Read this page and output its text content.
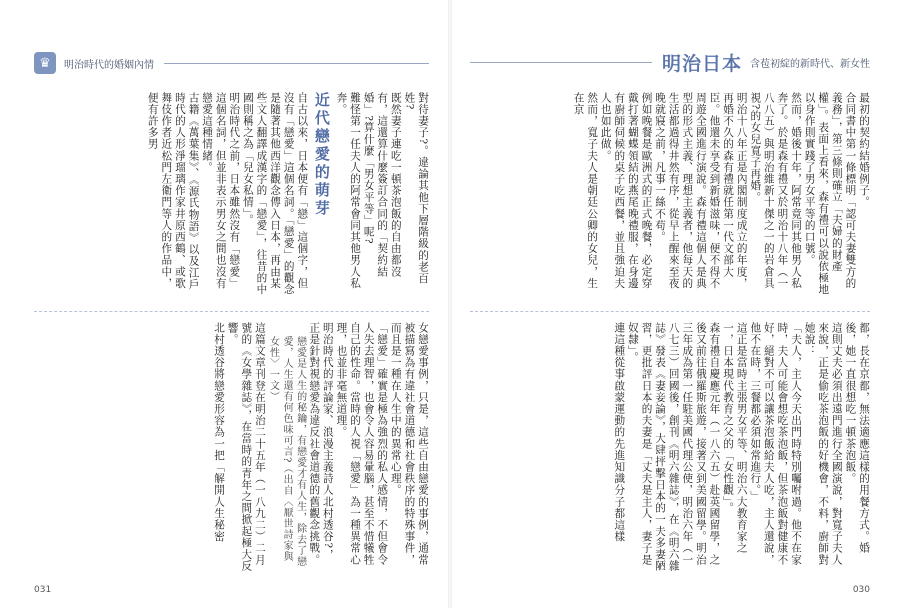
♛ 明治時代的婚姻內情

對待妻子?。違論其他下層階級的老百姓?

既然妻子連吃一頓茶泡飯的自由都沒有，這還算什麼簽訂合同的「契約結婚」?算什麼「男女平等」呢?

難怪第一任夫人的阿常會同其他男人私奔。

近代戀愛的萌芽

自古以來，日本便有「戀」這個字，但沒有「戀愛」這個名詞。「戀愛」的觀念是隨著其他西洋觀念傳入日本，再由某些文人翻譯成漢字的「戀愛」，往昔的中國則稱之為「兒女私情」。

明治時代之前，日本雖然沒有「戀愛」這個名詞，但並非表示男女之間也沒有戀愛這種情緒。

古籍《萬葉集》、《源氏物語》以及江戶時代的人形淨瑠璃作家井原西鶴、或歌舞伎作者近松門左衛門等人的作品中，便有許多男

女戀愛事例，只是，這些自由戀愛的事例，通常被描寫為有違社會道德和社會秩序的特殊事件，而且是一種在人生中的異常心理。

「戀愛」確實是極為強烈的私人感情，不但會令人失去理智，也會令人容易暈腦，甚至不惜犧牲自己的性命。當時的人視「戀愛」為一種異常心理，也並非毫無道理。

明治時代的評論家、浪漫主義詩人北村透谷?，正是針對視戀愛為違反社會道德的舊觀念挑戰。

戀愛是人生的秘鑰，有戀愛才有人生，除去了戀愛，人生還有何色味可言?（出自〈厭世詩家與女性〉一文）

這篇文章刊登在明治二十五年（一八九二）二月號的《女學雜誌》，在當時的青年之間掀起極大反響。

北村透谷將戀愛形容為一把「解開人生秘密

031
明治日本 含苞初綻的新時代、新女性

最初的契約結婚例子。

合同書中第一條標明「認可夫妻雙方的義務」，第三條則確立「夫婦的財產權」。表面上看來，森有禮可以說依極地以身作則實踐了男女平等的口號。

然而，婚後十年，阿常竟同其他男人私奔了。於是森有禮又於明治十八年（一八八五）與明治維新十傑之一的岩倉具視?的女兒寬子再婚。

明治十八年正是內閣制度成立的年度，再婚不久的森有禮就任第一代文部大臣。他還未享受到新婚滋味，便不得不周遊全國進行演說。森有禮這個人是典型的形式主義、理想主義者，他每天的生活都過得井然有序，從早上醒來至夜晚就寢之前，凡事一絲不苟。

例如晚餐是歐洲式的正式晚餐，必定穿戴打著蝴蝶領結的燕尾晚禮服，在身邊有廚師伺候的桌子吃西餐，並且強迫夫人也如此做。

然而，寬子夫人是朝廷公卿的女兒，生在京

都，長在京都，無法適應這樣的用餐方式。婚後，她一直很想吃一頓茶泡飯。

這則丈夫必須出遠門進行全國演說，對寬子夫人來說，正是偷吃茶泡飯的好機會，不料，廚師對她說：

「夫人，主人今天出門時特別囑咐過。他不在家時，夫人可能會想吃茶泡飯，但茶泡飯對健康不好，絕對不可以讓茶泡飯給夫人吃，主人還說，他不在時，三餐都必須如常進行。」

這正是當時主張男女平等、明治六大教育家之一，日本現代教育之父的「女性觀」。

森有禮自慶應元年（一八六五）赴英國留學，之後又前往俄羅斯旅遊，接著又到美國留學。明治三年成為第一任駐美國代理公使，明治六年（一八七三）回國後，創刊《明六雜誌》，在《明六雜誌》發表《妻妾論》，大肆抨擊日本的一夫多妻陋習，更批評日本的夫妻是「丈夫是主人，妻子是奴隸」。

連這種從事啟蒙運動的先進知識分子都這樣

030
